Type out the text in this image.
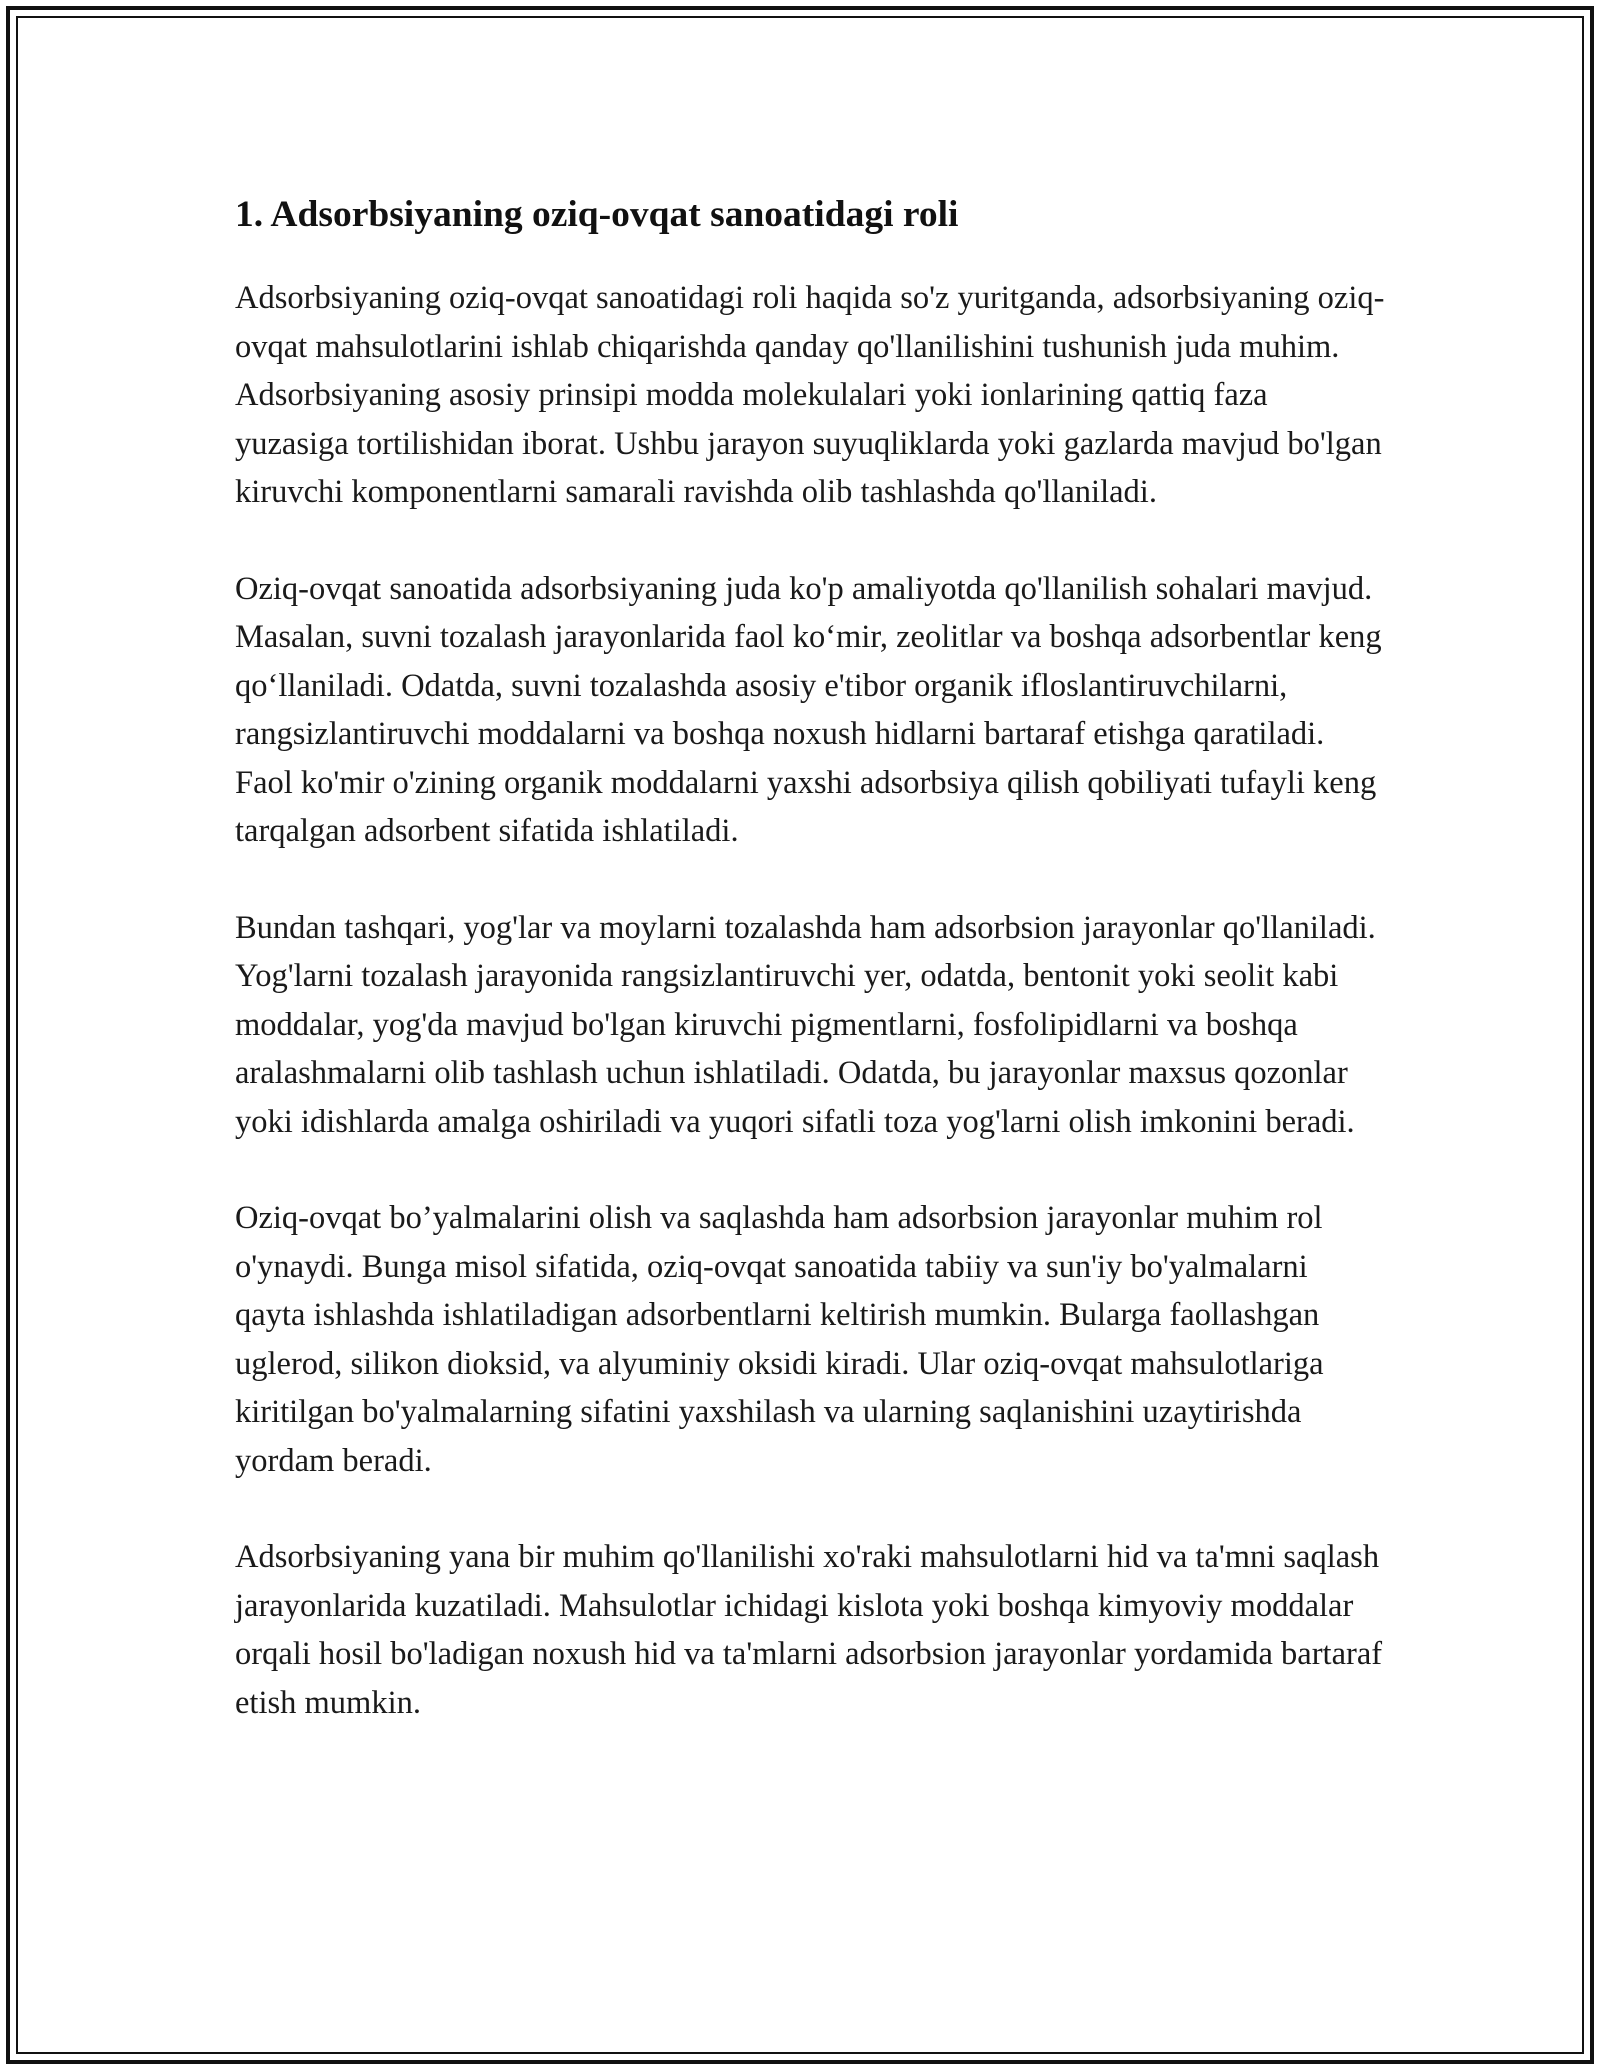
1. Adsorbsiyaning oziq-ovqat sanoatidagi roli

Adsorbsiyaning oziq-ovqat sanoatidagi roli haqida so'z yuritganda, adsorbsiyaning oziq-ovqat mahsulotlarini ishlab chiqarishda qanday qo'llanilishini tushunish juda muhim. Adsorbsiyaning asosiy prinsipi modda molekulalari yoki ionlarining qattiq faza yuzasiga tortilishidan iborat. Ushbu jarayon suyuqliklarda yoki gazlarda mavjud bo'lgan kiruvchi komponentlarni samarali ravishda olib tashlashda qo'llaniladi.

Oziq-ovqat sanoatida adsorbsiyaning juda ko'p amaliyotda qo'llanilish sohalari mavjud. Masalan, suvni tozalash jarayonlarida faol ko‘mir, zeolitlar va boshqa adsorbentlar keng qo‘llaniladi. Odatda, suvni tozalashda asosiy e'tibor organik ifloslantiruvchilarni, rangsizlantiruvchi moddalarni va boshqa noxush hidlarni bartaraf etishga qaratiladi. Faol ko'mir o'zining organik moddalarni yaxshi adsorbsiya qilish qobiliyati tufayli keng tarqalgan adsorbent sifatida ishlatiladi.

Bundan tashqari, yog'lar va moylarni tozalashda ham adsorbsion jarayonlar qo'llaniladi. Yog'larni tozalash jarayonida rangsizlantiruvchi yer, odatda, bentonit yoki seolit kabi moddalar, yog'da mavjud bo'lgan kiruvchi pigmentlarni, fosfolipidlarni va boshqa aralashmalarni olib tashlash uchun ishlatiladi. Odatda, bu jarayonlar maxsus qozonlar yoki idishlarda amalga oshiriladi va yuqori sifatli toza yog'larni olish imkonini beradi.

Oziq-ovqat bo’yalmalarini olish va saqlashda ham adsorbsion jarayonlar muhim rol o'ynaydi. Bunga misol sifatida, oziq-ovqat sanoatida tabiiy va sun'iy bo'yalmalarni qayta ishlashda ishlatiladigan adsorbentlarni keltirish mumkin. Bularga faollashgan uglerod, silikon dioksid, va alyuminiy oksidi kiradi. Ular oziq-ovqat mahsulotlariga kiritilgan bo'yalmalarning sifatini yaxshilash va ularning saqlanishini uzaytirishda yordam beradi.

Adsorbsiyaning yana bir muhim qo'llanilishi xo'raki mahsulotlarni hid va ta'mni saqlash jarayonlarida kuzatiladi. Mahsulotlar ichidagi kislota yoki boshqa kimyoviy moddalar orqali hosil bo'ladigan noxush hid va ta'mlarni adsorbsion jarayonlar yordamida bartaraf etish mumkin.
